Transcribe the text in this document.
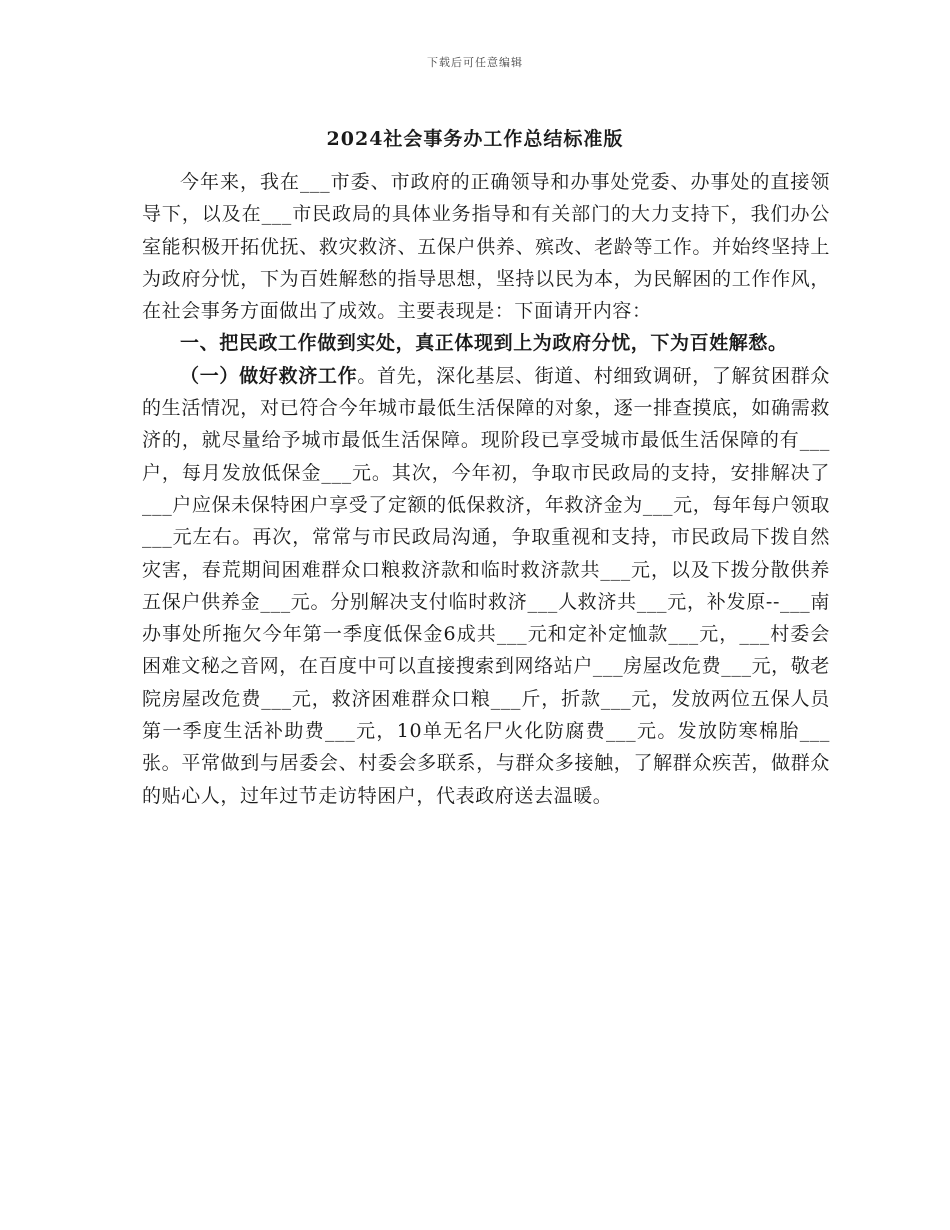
下载后可任意编辑
2024社会事务办工作总结标准版

今年来，我在___市委、市政府的正确领导和办事处党委、办事处的直接领导下，以及在___市民政局的具体业务指导和有关部门的大力支持下，我们办公室能积极开拓优抚、救灾救济、五保户供养、殡改、老龄等工作。并始终坚持上为政府分忧，下为百姓解愁的指导思想，坚持以民为本，为民解困的工作作风，在社会事务方面做出了成效。主要表现是：下面请开内容：

一、把民政工作做到实处，真正体现到上为政府分忧，下为百姓解愁。

（一）做好救济工作。首先，深化基层、街道、村细致调研，了解贫困群众的生活情况，对已符合今年城市最低生活保障的对象，逐一排查摸底，如确需救济的，就尽量给予城市最低生活保障。现阶段已享受城市最低生活保障的有___户，每月发放低保金___元。其次，今年初，争取市民政局的支持，安排解决了___户应保未保特困户享受了定额的低保救济，年救济金为___元，每年每户领取___元左右。再次，常常与市民政局沟通，争取重视和支持，市民政局下拨自然灾害，春荒期间困难群众口粮救济款和临时救济款共___元，以及下拨分散供养五保户供养金___元。分别解决支付临时救济___人救济共___元，补发原--___南办事处所拖欠今年第一季度低保金6成共___元和定补定恤款___元，___村委会困难文秘之音网，在百度中可以直接搜索到网络站户___房屋改危费___元，敬老院房屋改危费___元，救济困难群众口粮___斤，折款___元，发放两位五保人员第一季度生活补助费___元，10单无名尸火化防腐费___元。发放防寒棉胎___张。平常做到与居委会、村委会多联系，与群众多接触，了解群众疾苦，做群众的贴心人，过年过节走访特困户，代表政府送去温暖。
